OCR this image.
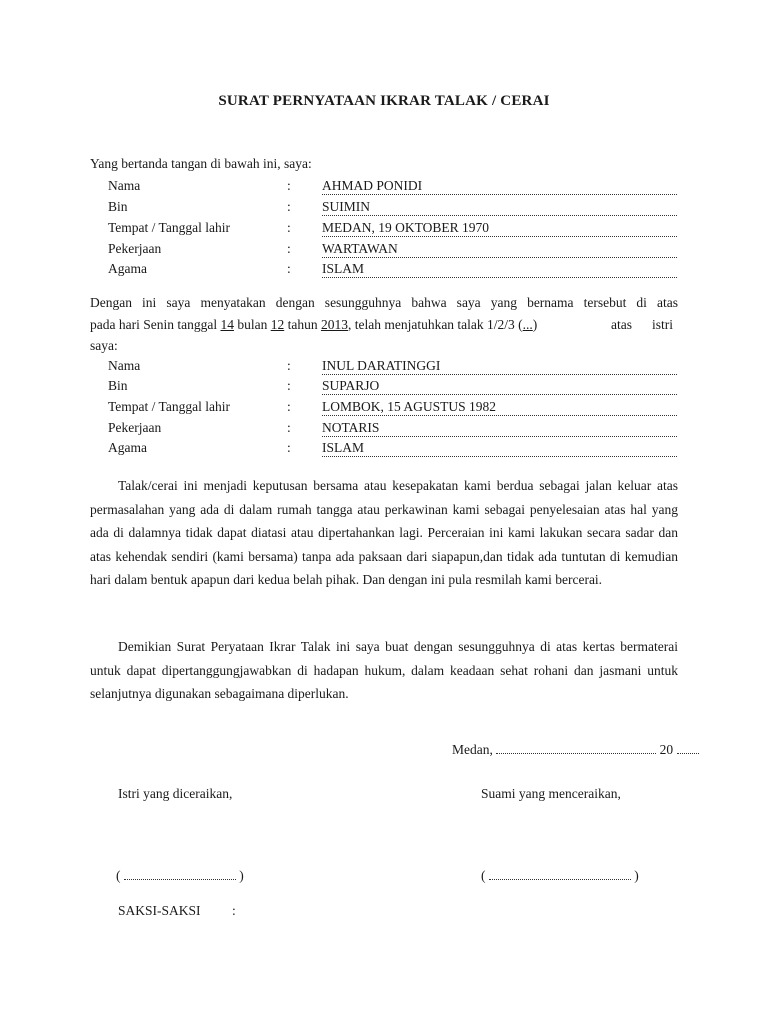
SURAT PERNYATAAN IKRAR TALAK / CERAI
Yang bertanda tangan di bawah ini, saya:
Nama	: AHMAD PONIDI
Bin	: SUIMIN
Tempat / Tanggal lahir	: MEDAN, 19 OKTOBER 1970
Pekerjaan	: WARTAWAN
Agama	: ISLAM
Dengan ini saya menyatakan dengan sesungguhnya bahwa saya yang bernama tersebut di atas
pada hari Senin tanggal 14 bulan 12 tahun 2013, telah menjatuhkan talak 1/2/3 (...)	atas istri
saya:
Nama	: INUL DARATINGGI
Bin	: SUPARJO
Tempat / Tanggal lahir	: LOMBOK, 15 AGUSTUS 1982
Pekerjaan	: NOTARIS
Agama	: ISLAM

Talak/cerai ini menjadi keputusan bersama atau kesepakatan kami berdua sebagai jalan keluar atas permasalahan yang ada di dalam rumah tangga atau perkawinan kami sebagai penyelesaian atas hal yang ada di dalamnya tidak dapat diatasi atau dipertahankan lagi. Perceraian ini kami lakukan secara sadar dan atas kehendak sendiri (kami bersama) tanpa ada paksaan dari siapapun,dan tidak ada tuntutan di kemudian hari dalam bentuk apapun dari kedua belah pihak. Dan dengan ini pula resmilah kami bercerai.

Demikian Surat Peryataan Ikrar Talak ini saya buat dengan sesungguhnya di atas kertas bermaterai untuk dapat dipertanggungjawabkan di hadapan hukum, dalam keadaan sehat rohani dan jasmani untuk selanjutnya digunakan sebagaimana diperlukan.

Medan,	20
Istri yang diceraikan,	Suami yang menceraikan,
(	)	(	)
SAKSI-SAKSI :
